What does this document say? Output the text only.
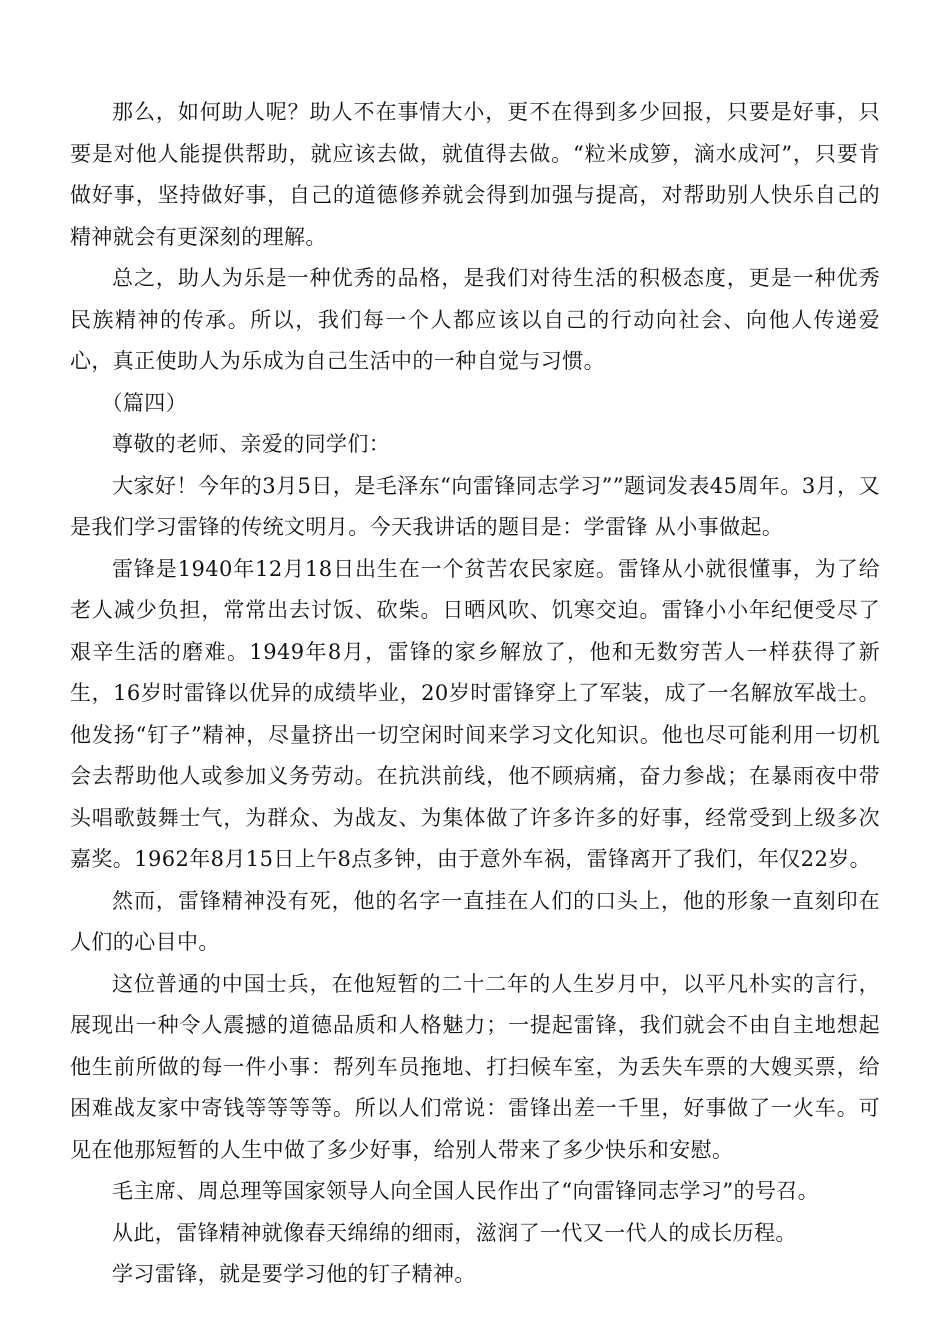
那么，如何助人呢？助人不在事情大小，更不在得到多少回报，只要是好事，只要是对他人能提供帮助，就应该去做，就值得去做。“粒米成箩，滴水成河”，只要肯做好事，坚持做好事，自己的道德修养就会得到加强与提高，对帮助别人快乐自己的精神就会有更深刻的理解。

总之，助人为乐是一种优秀的品格，是我们对待生活的积极态度，更是一种优秀民族精神的传承。所以，我们每一个人都应该以自己的行动向社会、向他人传递爱心，真正使助人为乐成为自己生活中的一种自觉与习惯。

（篇四）

尊敬的老师、亲爱的同学们：

大家好！今年的3月5日，是毛泽东“向雷锋同志学习””题词发表45周年。3月，又是我们学习雷锋的传统文明月。今天我讲话的题目是：学雷锋 从小事做起。

雷锋是1940年12月18日出生在一个贫苦农民家庭。雷锋从小就很懂事，为了给老人减少负担，常常出去讨饭、砍柴。日晒风吹、饥寒交迫。雷锋小小年纪便受尽了艰辛生活的磨难。1949年8月，雷锋的家乡解放了，他和无数穷苦人一样获得了新生，16岁时雷锋以优异的成绩毕业，20岁时雷锋穿上了军装，成了一名解放军战士。他发扬“钉子”精神，尽量挤出一切空闲时间来学习文化知识。他也尽可能利用一切机会去帮助他人或参加义务劳动。在抗洪前线，他不顾病痛，奋力参战；在暴雨夜中带头唱歌鼓舞士气，为群众、为战友、为集体做了许多许多的好事，经常受到上级多次嘉奖。1962年8月15日上午8点多钟，由于意外车祸，雷锋离开了我们，年仅22岁。

然而，雷锋精神没有死，他的名字一直挂在人们的口头上，他的形象一直刻印在人们的心目中。

这位普通的中国士兵，在他短暂的二十二年的人生岁月中，以平凡朴实的言行，展现出一种令人震撼的道德品质和人格魅力；一提起雷锋，我们就会不由自主地想起他生前所做的每一件小事：帮列车员拖地、打扫候车室，为丢失车票的大嫂买票，给困难战友家中寄钱等等等等。所以人们常说：雷锋出差一千里，好事做了一火车。可见在他那短暂的人生中做了多少好事，给别人带来了多少快乐和安慰。

毛主席、周总理等国家领导人向全国人民作出了“向雷锋同志学习”的号召。

从此，雷锋精神就像春天绵绵的细雨，滋润了一代又一代人的成长历程。

学习雷锋，就是要学习他的钉子精神。
